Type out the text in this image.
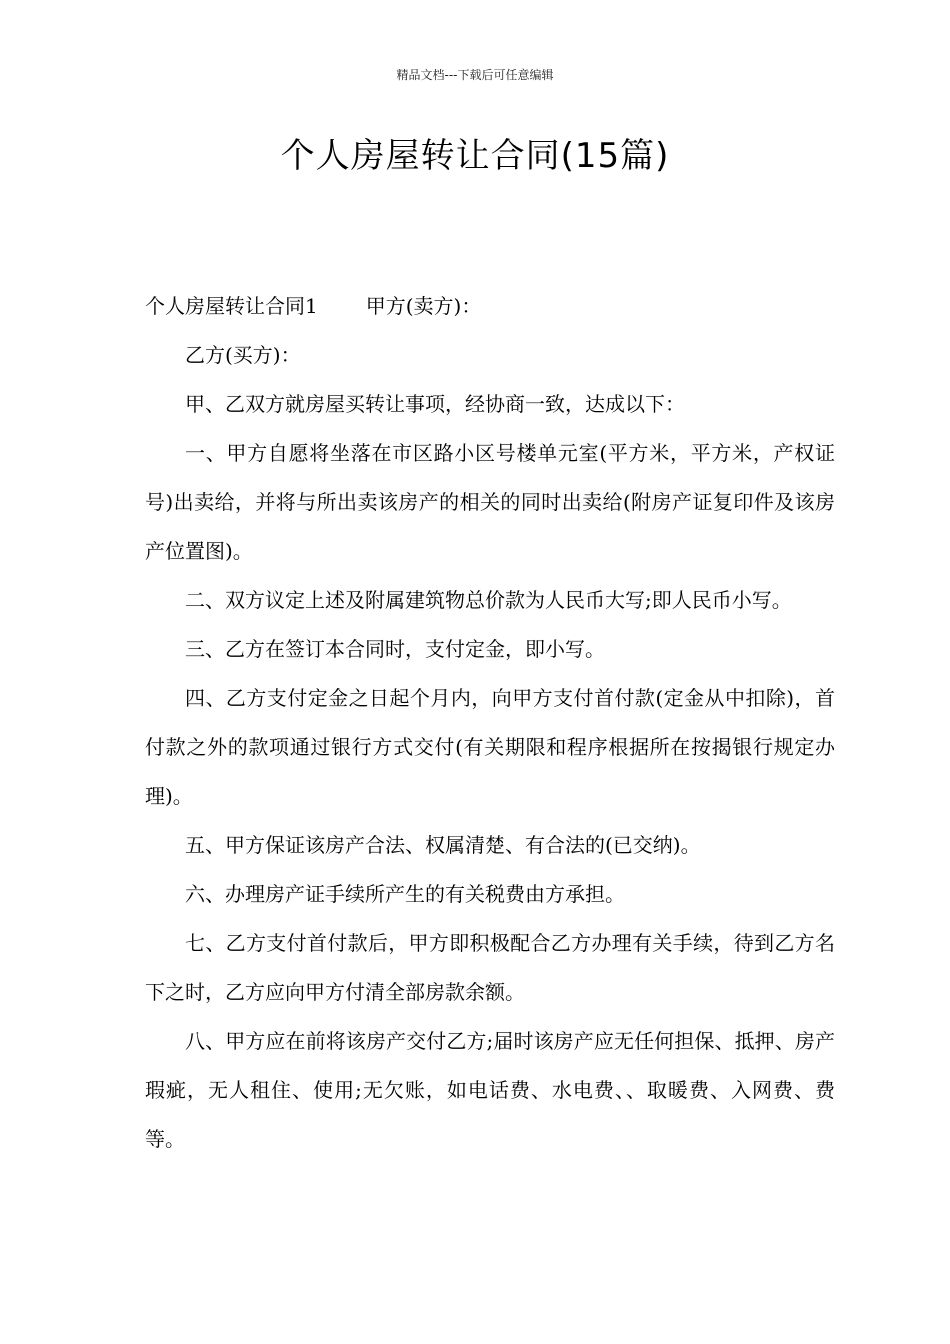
精品文档---下载后可任意编辑
个人房屋转让合同(15篇)

个人房屋转让合同1 甲方(卖方)：

乙方(买方)：

甲、乙双方就房屋买转让事项，经协商一致，达成以下：

一、甲方自愿将坐落在市区路小区号楼单元室(平方米，平方米，产权证号)出卖给，并将与所出卖该房产的相关的同时出卖给(附房产证复印件及该房产位置图)。

二、双方议定上述及附属建筑物总价款为人民币大写;即人民币小写。

三、乙方在签订本合同时，支付定金，即小写。

四、乙方支付定金之日起个月内，向甲方支付首付款(定金从中扣除)，首付款之外的款项通过银行方式交付(有关期限和程序根据所在按揭银行规定办理)。

五、甲方保证该房产合法、权属清楚、有合法的(已交纳)。

六、办理房产证手续所产生的有关税费由方承担。

七、乙方支付首付款后，甲方即积极配合乙方办理有关手续，待到乙方名下之时，乙方应向甲方付清全部房款余额。

八、甲方应在前将该房产交付乙方;届时该房产应无任何担保、抵押、房产瑕疵，无人租住、使用;无欠账，如电话费、水电费、、取暖费、入网费、费等。
